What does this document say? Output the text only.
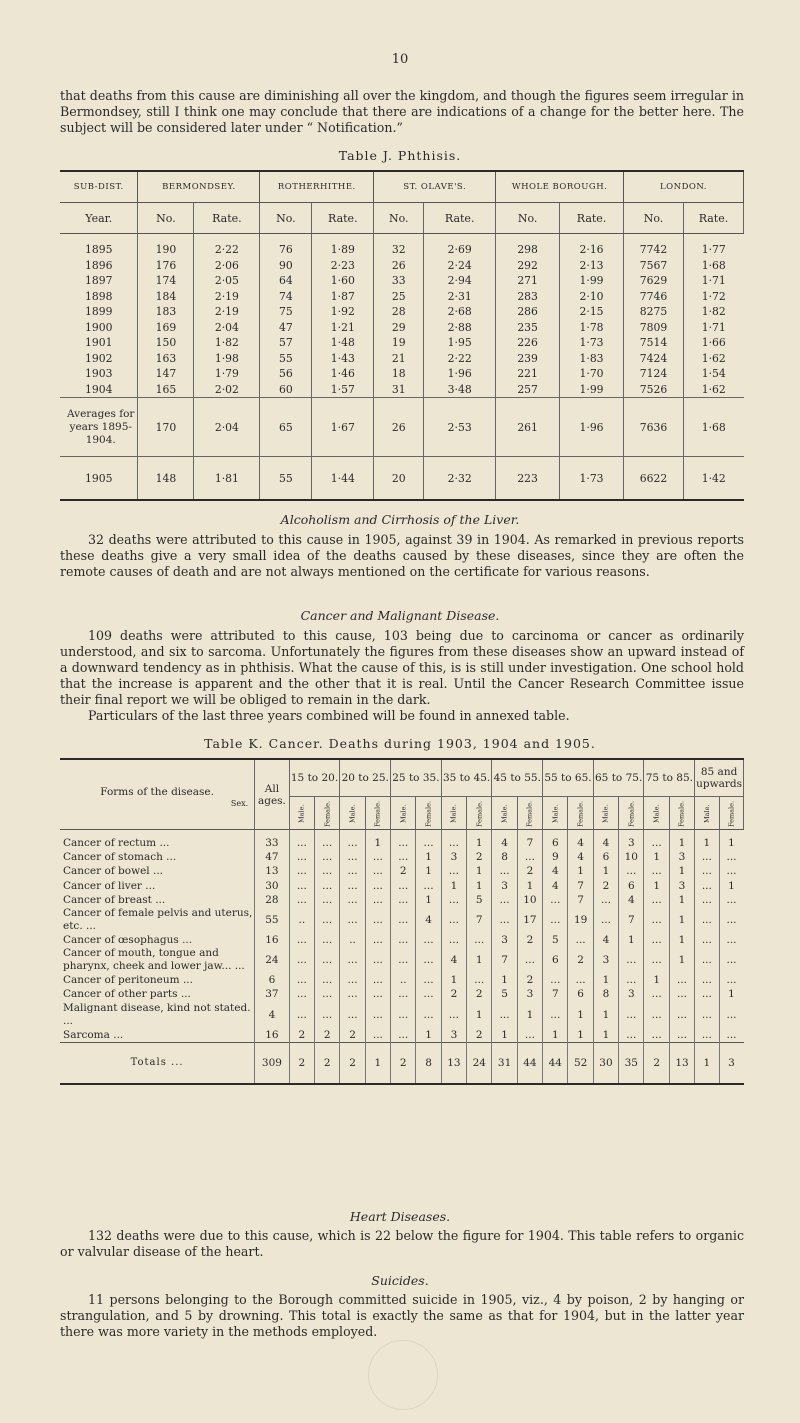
10

that deaths from this cause are diminishing all over the kingdom, and though the figures seem irregular in Bermondsey, still I think one may conclude that there are indications of a change for the better here. The subject will be considered later under “ Notification.”

Table J. Phthisis.

SUB-DIST.	BERMONDSEY.		ROTHERHITHE.		ST. OLAVE'S.		WHOLE BOROUGH.		LONDON.	
Year.	No.	Rate.	No.	Rate.	No.	Rate.	No.	Rate.	No.	Rate.
1895	190	2·22	76	1·89	32	2·69	298	2·16	7742	1·77
1896	176	2·06	90	2·23	26	2·24	292	2·13	7567	1·68
1897	174	2·05	64	1·60	33	2·94	271	1·99	7629	1·71
1898	184	2·19	74	1·87	25	2·31	283	2·10	7746	1·72
1899	183	2·19	75	1·92	28	2·68	286	2·15	8275	1·82
1900	169	2·04	47	1·21	29	2·88	235	1·78	7809	1·71
1901	150	1·82	57	1·48	19	1·95	226	1·73	7514	1·66
1902	163	1·98	55	1·43	21	2·22	239	1·83	7424	1·62
1903	147	1·79	56	1·46	18	1·96	221	1·70	7124	1·54
1904	165	2·02	60	1·57	31	3·48	257	1·99	7526	1·62
Averages for years 1895-1904.	170	2·04	65	1·67	26	2·53	261	1·96	7636	1·68
1905	148	1·81	55	1·44	20	2·32	223	1·73	6622	1·42
Alcoholism and Cirrhosis of the Liver.

32 deaths were attributed to this cause in 1905, against 39 in 1904. As remarked in previous reports these deaths give a very small idea of the deaths caused by these diseases, since they are often the remote causes of death and are not always mentioned on the certificate for various reasons.

Cancer and Malignant Disease.

109 deaths were attributed to this cause, 103 being due to carcinoma or cancer as ordinarily understood, and six to sarcoma. Unfortunately the figures from these diseases show an upward instead of a downward tendency as in phthisis. What the cause of this, is is still under investigation. One school hold that the increase is apparent and the other that it is real. Until the Cancer Research Committee issue their final report we will be obliged to remain in the dark.

Particulars of the last three years combined will be found in annexed table.

Table K. Cancer. Deaths during 1903, 1904 and 1905.
Forms of the disease.
Sex.	All ages.	15 to 20.		20 to 25.		25 to 35.		35 to 45.		45 to 55.		55 to 65.		65 to 75.		75 to 85.		85 and upwards	
		Male.	Female.	Male.	Female.	Male.	Female.	Male.	Female.	Male.	Female.	Male.	Female.	Male.	Female.	Male.	Female.	Male.	Female.
Cancer of rectum ...	33	...	...	...	1	...	...	...	1	4	7	6	4	4	3	...	1	1	1
Cancer of stomach ...	47	...	...	...	...	...	1	3	2	8	...	9	4	6	10	1	3	...	...
Cancer of bowel ...	13	...	...	...	...	2	1	...	1	...	2	4	1	1	...	...	1	...	...
Cancer of liver ...	30	...	...	...	...	...	...	1	1	3	1	4	7	2	6	1	3	...	1
Cancer of breast ...	28	...	...	...	...	...	1	...	5	...	10	...	7	...	4	...	1	...	...
Cancer of female pelvis and uterus, etc. ...	55	..	...	...	...	...	4	...	7	...	17	...	19	...	7	...	1	...	...
Cancer of œsophagus ...	16	...	...	..	...	...	...	...	...	3	2	5	...	4	1	...	1	...	...
Cancer of mouth, tongue and pharynx, cheek and lower jaw... ...	24	...	...	...	...	...	...	4	1	7	...	6	2	3	...	...	1	...	...
Cancer of peritoneum ...	6	...	...	...	...	..	...	1	...	1	2	...	...	1	...	1	...	...	...
Cancer of other parts ...	37	...	...	...	...	...	...	2	2	5	3	7	6	8	3	...	...	...	1
Malignant disease, kind not stated. ...	4	...	...	...	...	...	...	...	1	...	1	...	1	1	...	...	...	...	...
Sarcoma ...	16	2	2	2	...	...	1	3	2	1	...	1	1	1	...	...	...	...	...
Totals ...	309	2	2	2	1	2	8	13	24	31	44	44	52	30	35	2	13	1	3
Heart Diseases.

132 deaths were due to this cause, which is 22 below the figure for 1904. This table refers to organic or valvular disease of the heart.

Suicides.

11 persons belonging to the Borough committed suicide in 1905, viz., 4 by poison, 2 by hanging or strangulation, and 5 by drowning. This total is exactly the same as that for 1904, but in the latter year there was more variety in the methods employed.
